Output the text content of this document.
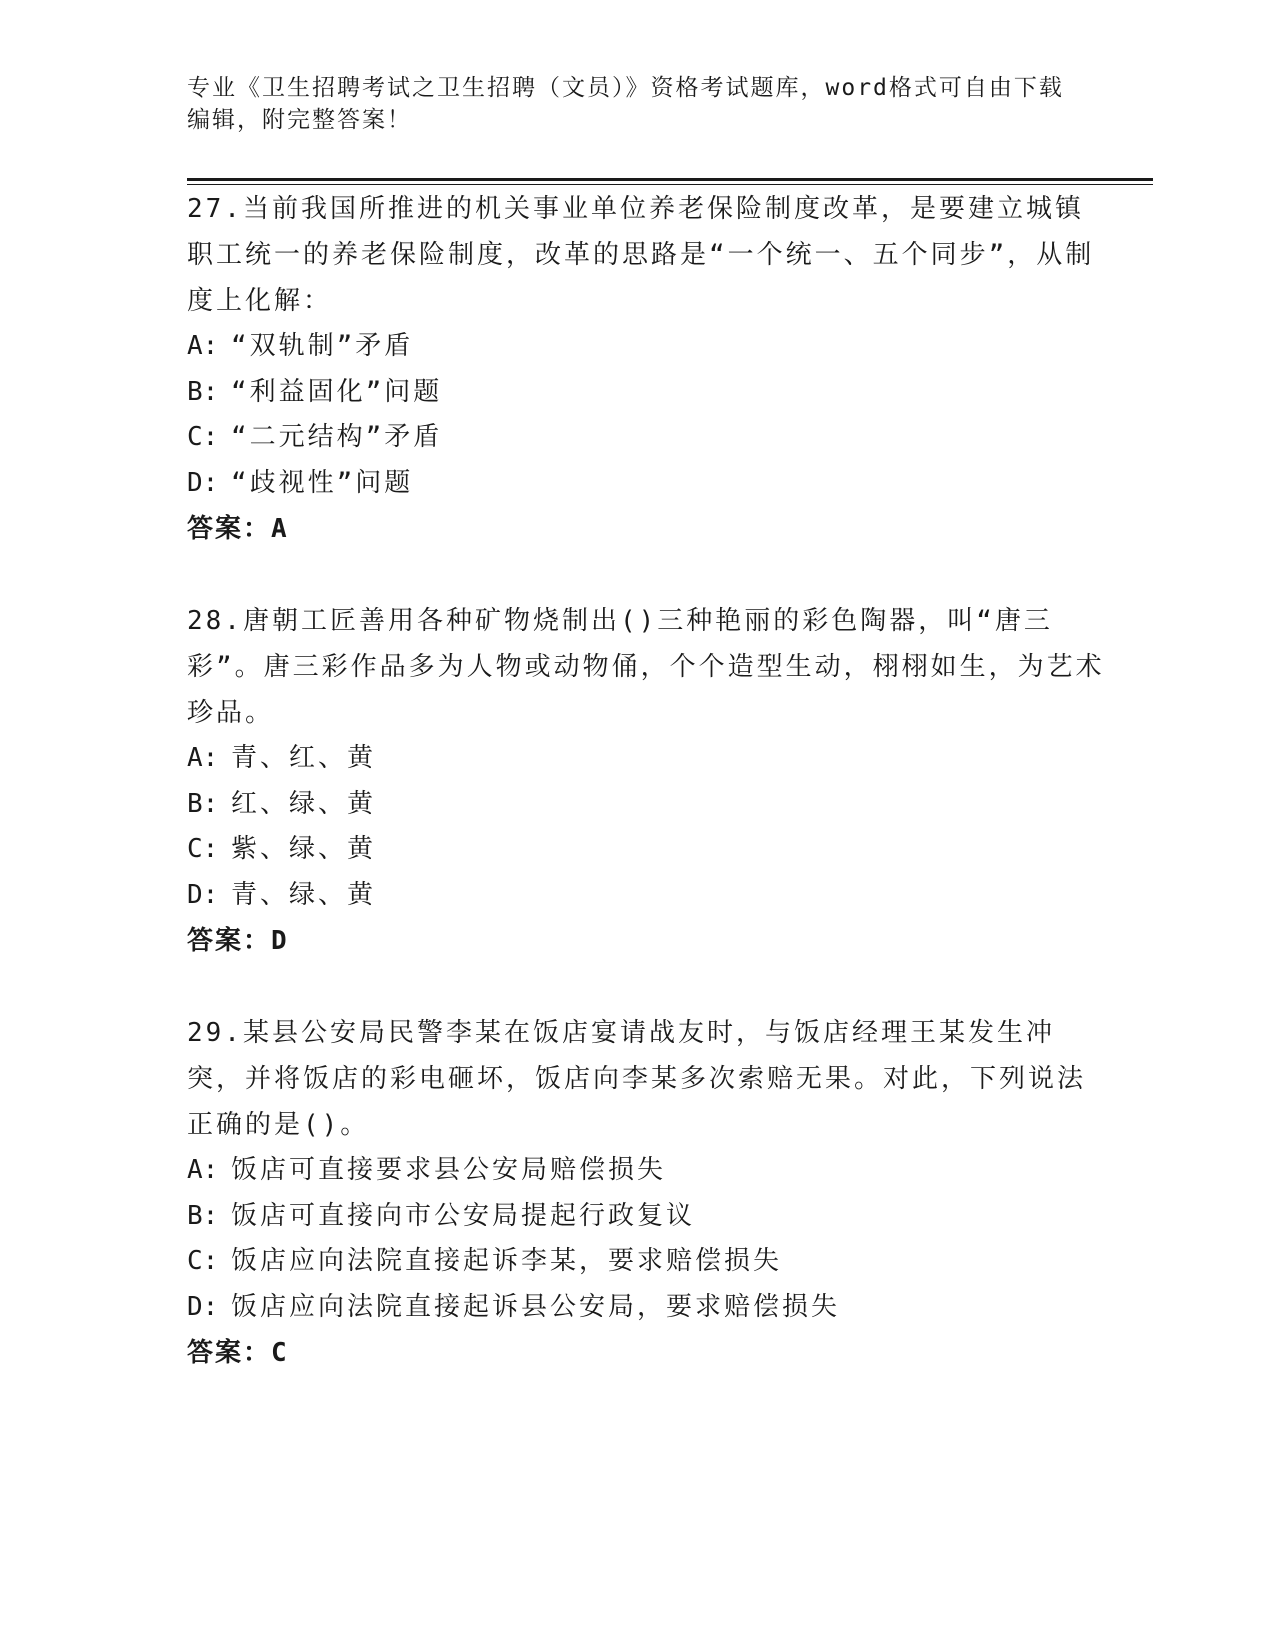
专业《卫生招聘考试之卫生招聘（文员）》资格考试题库，word格式可自由下载编辑，附完整答案！
27.当前我国所推进的机关事业单位养老保险制度改革，是要建立城镇职工统一的养老保险制度，改革的思路是“一个统一、五个同步”，从制度上化解：
A: “双轨制”矛盾
B: “利益固化”问题
C: “二元结构”矛盾
D: “歧视性”问题
答案：A
28.唐朝工匠善用各种矿物烧制出()三种艳丽的彩色陶器，叫“唐三彩”。唐三彩作品多为人物或动物俑，个个造型生动，栩栩如生，为艺术珍品。
A: 青、红、黄
B: 红、绿、黄
C: 紫、绿、黄
D: 青、绿、黄
答案：D
29.某县公安局民警李某在饭店宴请战友时，与饭店经理王某发生冲突，并将饭店的彩电砸坏，饭店向李某多次索赔无果。对此，下列说法正确的是()。
A: 饭店可直接要求县公安局赔偿损失
B: 饭店可直接向市公安局提起行政复议
C: 饭店应向法院直接起诉李某，要求赔偿损失
D: 饭店应向法院直接起诉县公安局，要求赔偿损失
答案：C
